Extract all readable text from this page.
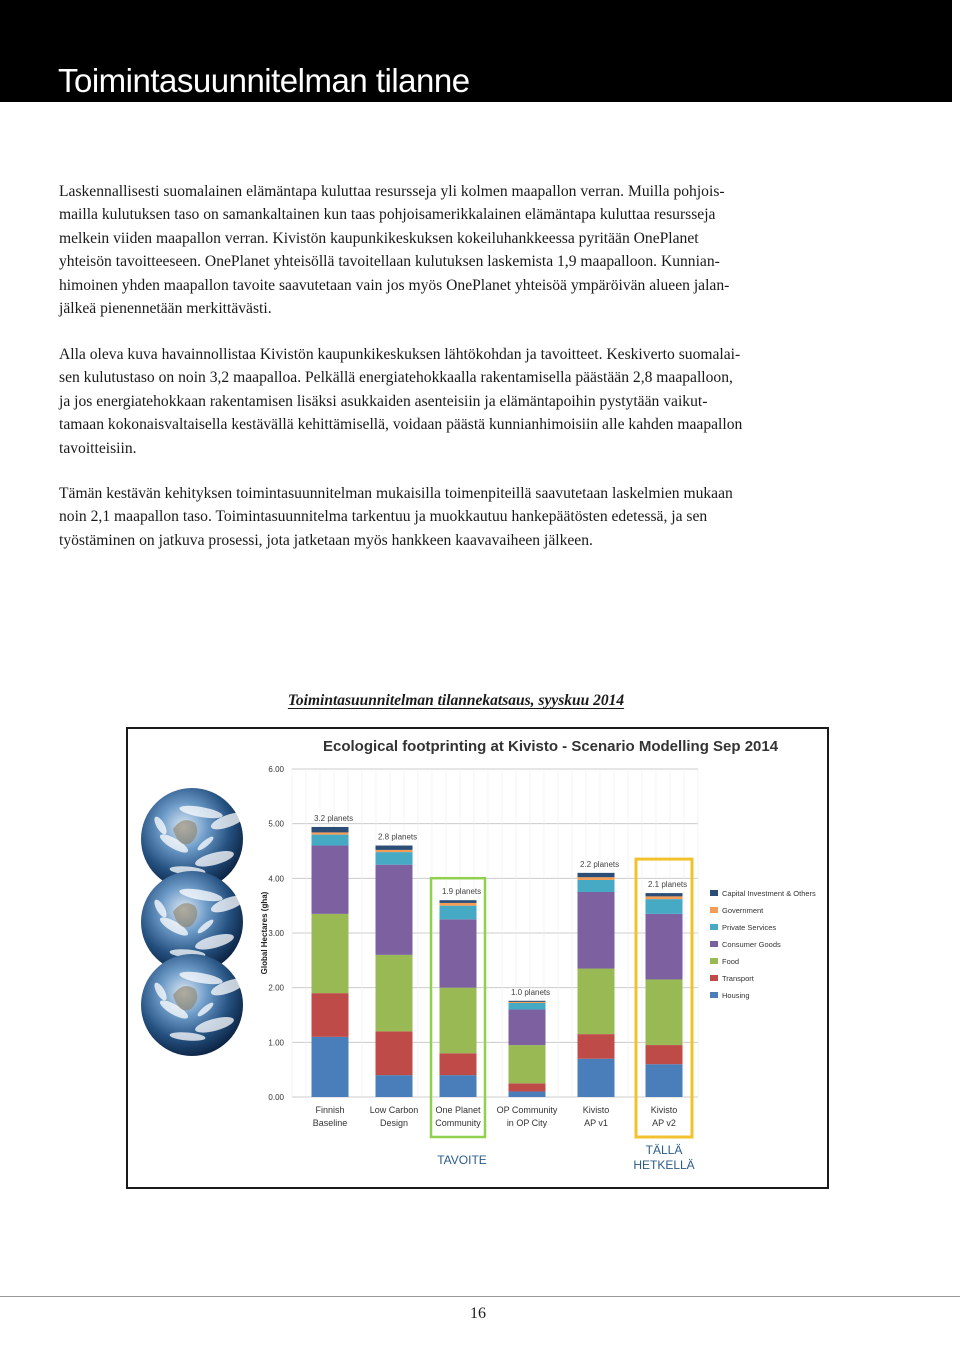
Toimintasuunnitelman tilanne

Laskennallisesti suomalainen elämäntapa kuluttaa resursseja yli kolmen maapallon verran. Muilla pohjois-
mailla kulutuksen taso on samankaltainen kun taas pohjoisamerikkalainen elämäntapa kuluttaa resursseja
melkein viiden maapallon verran. Kivistön kaupunkikeskuksen kokeiluhankkeessa pyritään OnePlanet
yhteisön tavoitteeseen. OnePlanet yhteisöllä tavoitellaan kulutuksen laskemista 1,9 maapalloon. Kunnian-
himoinen yhden maapallon tavoite saavutetaan vain jos myös OnePlanet yhteisöä ympäröivän alueen jalan-
jälkeä pienennetään merkittävästi.

Alla oleva kuva havainnollistaa Kivistön kaupunkikeskuksen lähtökohdan ja tavoitteet. Keskiverto suomalai-
sen kulutustaso on noin 3,2 maapalloa. Pelkällä energiatehokkaalla rakentamisella päästään 2,8 maapalloon,
ja jos energiatehokkaan rakentamisen lisäksi asukkaiden asenteisiin ja elämäntapoihin pystytään vaikut-
tamaan kokonaisvaltaisella kestävällä kehittämisellä, voidaan päästä kunnianhimoisiin alle kahden maapallon
tavoitteisiin.

Tämän kestävän kehityksen toimintasuunnitelman mukaisilla toimenpiteillä saavutetaan laskelmien mukaan
noin 2,1 maapallon taso. Toimintasuunnitelma tarkentuu ja muokkautuu hankepäätösten edetessä, ja sen
työstäminen on jatkuva prosessi, jota jatketaan myös hankkeen kaavavaiheen jälkeen.

Toimintasuunnitelman tilannekatsaus, syyskuu 2014

Ecological footprinting at Kivisto - Scenario Modelling Sep 2014
0.00
1.00
2.00
3.00
4.00
5.00
6.00
Global Hectares (gha)
3.2 planets
Finnish
Baseline
2.8 planets
Low Carbon
Design
1.9 planets
One Planet
Community
1.0 planets
OP Community
in OP City
2.2 planets
Kivisto
AP v1
2.1 planets
Kivisto
AP v2
TAVOITE
TÄLLÄ
HETKELLÄ
Capital Investment & Others
Government
Private Services
Consumer Goods
Food
Transport
Housing

16
